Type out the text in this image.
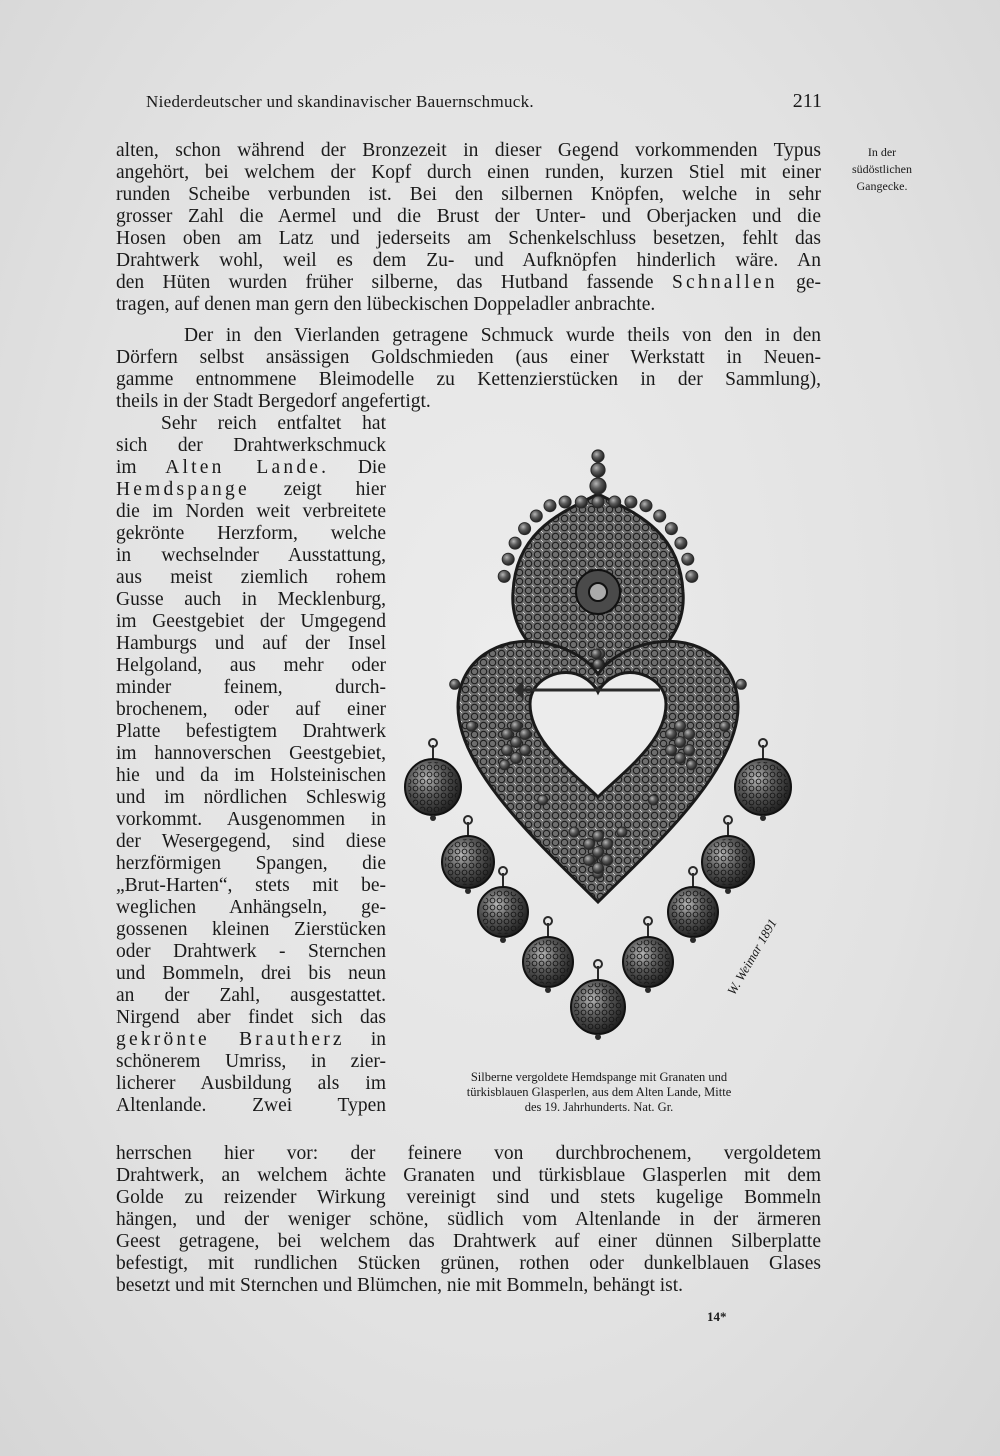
Niederdeutscher und skandinavischer Bauernschmuck.	211
In der
südöstlichen
Gangecke.
alten, schon während der Bronzezeit in dieser Gegend vorkommenden Typus
angehört, bei welchem der Kopf durch einen runden, kurzen Stiel mit einer
runden Scheibe verbunden ist. Bei den silbernen Knöpfen, welche in sehr
grosser Zahl die Aermel und die Brust der Unter- und Oberjacken und die
Hosen oben am Latz und jederseits am Schenkelschluss besetzen, fehlt das
Drahtwerk wohl, weil es dem Zu- und Aufknöpfen hinderlich wäre. An
den Hüten wurden früher silberne, das Hutband fassende Schnallen ge-
tragen, auf denen man gern den lübeckischen Doppeladler anbrachte.
Der in den Vierlanden getragene Schmuck wurde theils von den in den
Dörfern selbst ansässigen Goldschmieden (aus einer Werkstatt in Neuen-
gamme entnommene Bleimodelle zu Kettenzierstücken in der Sammlung),
theils in der Stadt Bergedorf angefertigt.
Sehr reich entfaltet hat
sich der Drahtwerkschmuck
im Alten Lande. Die
Hemdspange zeigt hier
die im Norden weit verbreitete
gekrönte Herzform, welche
in wechselnder Ausstattung,
aus meist ziemlich rohem
Gusse auch in Mecklenburg,
im Geestgebiet der Umgegend
Hamburgs und auf der Insel
Helgoland, aus mehr oder
minder feinem, durch-
brochenem, oder auf einer
Platte befestigtem Drahtwerk
im hannoverschen Geestgebiet,
hie und da im Holsteinischen
und im nördlichen Schleswig
vorkommt. Ausgenommen in
der Wesergegend, sind diese
herzförmigen Spangen, die
„Brut-Harten“, stets mit be-
weglichen Anhängseln, ge-
gossenen kleinen Zierstücken
oder Drahtwerk - Sternchen
und Bommeln, drei bis neun
an der Zahl, ausgestattet.
Nirgend aber findet sich das
gekrönte Brautherz in
schönerem Umriss, in zier-
licherer Ausbildung als im
Altenlande. Zwei Typen
W. Weimar 1891
Silberne vergoldete Hemdspange mit Granaten und
türkisblauen Glasperlen, aus dem Alten Lande, Mitte
des 19. Jahrhunderts. Nat. Gr.
herrschen hier vor: der feinere von durchbrochenem, vergoldetem
Drahtwerk, an welchem ächte Granaten und türkisblaue Glasperlen mit dem
Golde zu reizender Wirkung vereinigt sind und stets kugelige Bommeln
hängen, und der weniger schöne, südlich vom Altenlande in der ärmeren
Geest getragene, bei welchem das Drahtwerk auf einer dünnen Silberplatte
befestigt, mit rundlichen Stücken grünen, rothen oder dunkelblauen Glases
besetzt und mit Sternchen und Blümchen, nie mit Bommeln, behängt ist.
14*
